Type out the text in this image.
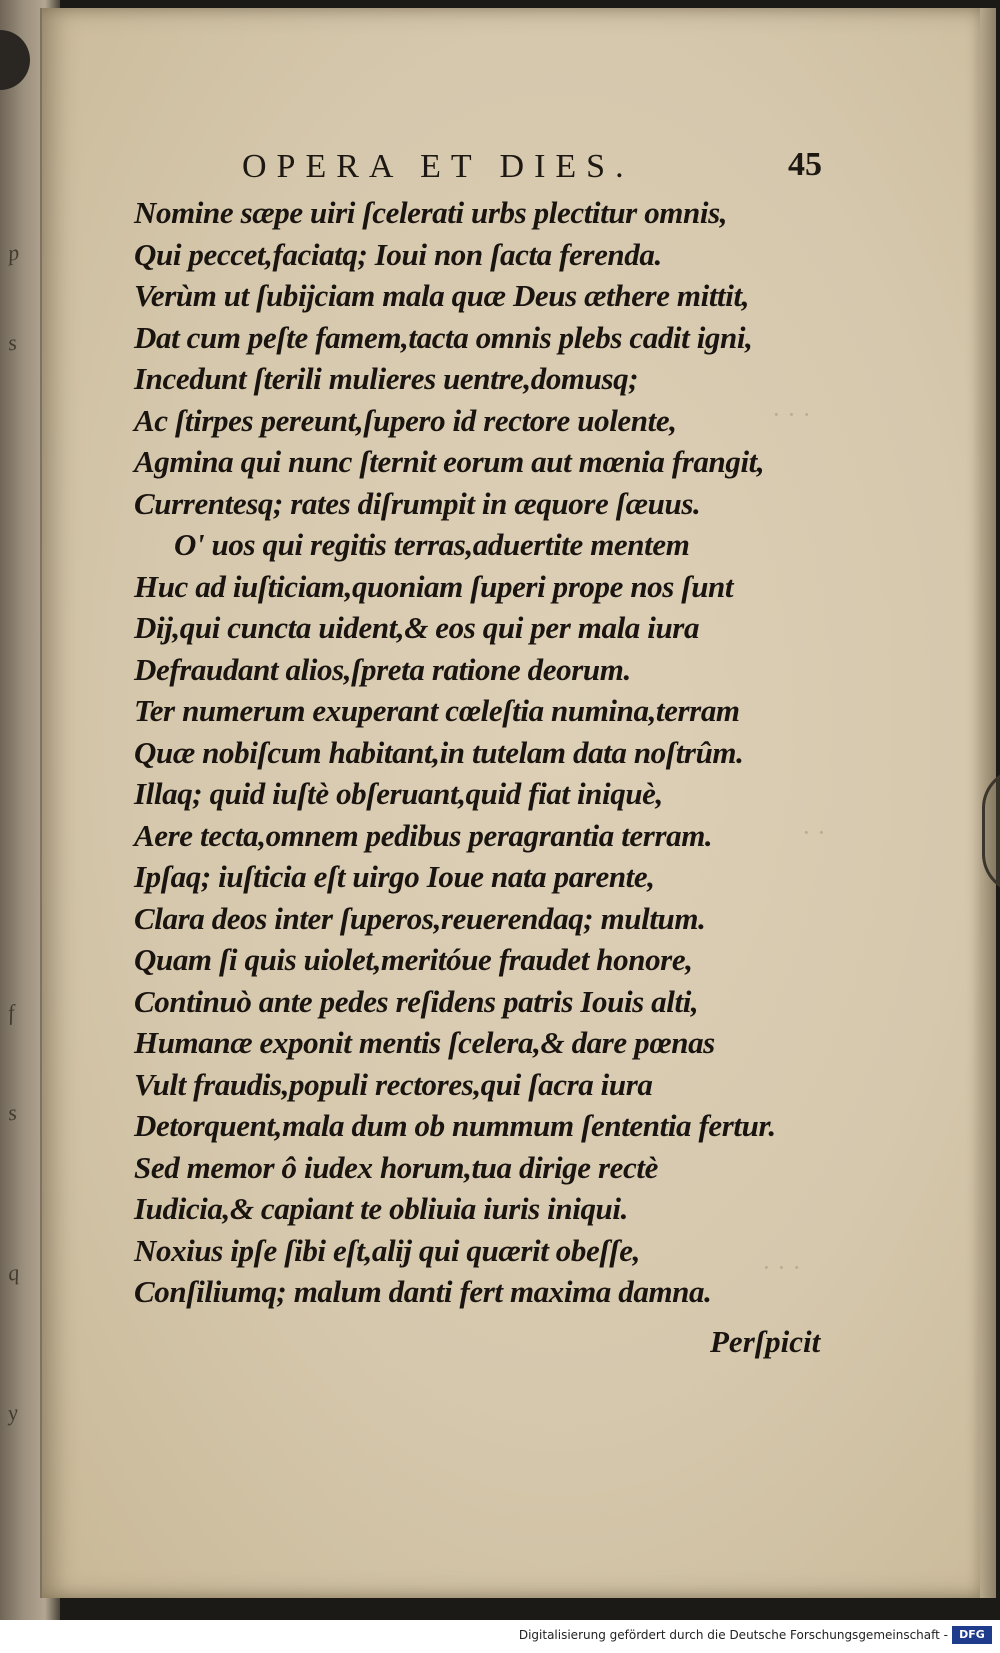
p
s
f
s
q
y
· · ·
· ·
· · ·
OPERA ET DIES.	45
Nomine sæpe uiri ſcelerati urbs plectitur omnis,
Qui peccet,faciatq; Ioui non ſacta ferenda.
Verùm ut ſubijciam mala quæ Deus æthere mittit,
Dat cum peſte famem,tacta omnis plebs cadit igni,
Incedunt ſterili mulieres uentre,domusq;
Ac ſtirpes pereunt,ſupero id rectore uolente,
Agmina qui nunc ſternit eorum aut mœnia frangit,
Currentesq; rates diſrumpit in æquore ſæuus.
O' uos qui regitis terras,aduertite mentem
Huc ad iuſticiam,quoniam ſuperi prope nos ſunt
Dij,qui cuncta uident,& eos qui per mala iura
Defraudant alios,ſpreta ratione deorum.
Ter numerum exuperant cœleſtia numina,terram
Quæ nobiſcum habitant,in tutelam data noſtrûm.
Illaq; quid iuſtè obſeruant,quid fiat iniquè,
Aere tecta,omnem pedibus peragrantia terram.
Ipſaq; iuſticia eſt uirgo Ioue nata parente,
Clara deos inter ſuperos,reuerendaq; multum.
Quam ſi quis uiolet,meritóue fraudet honore,
Continuò ante pedes reſidens patris Iouis alti,
Humanæ exponit mentis ſcelera,& dare pœnas
Vult fraudis,populi rectores,qui ſacra iura
Detorquent,mala dum ob nummum ſententia fertur.
Sed memor ô iudex horum,tua dirige rectè
Iudicia,& capiant te obliuia iuris iniqui.
Noxius ipſe ſibi eſt,alij qui quærit obeſſe,
Conſiliumq; malum danti fert maxima damna.
Perſpicit
Digitalisierung gefördert durch die Deutsche Forschungsgemeinschaft -	DFG
